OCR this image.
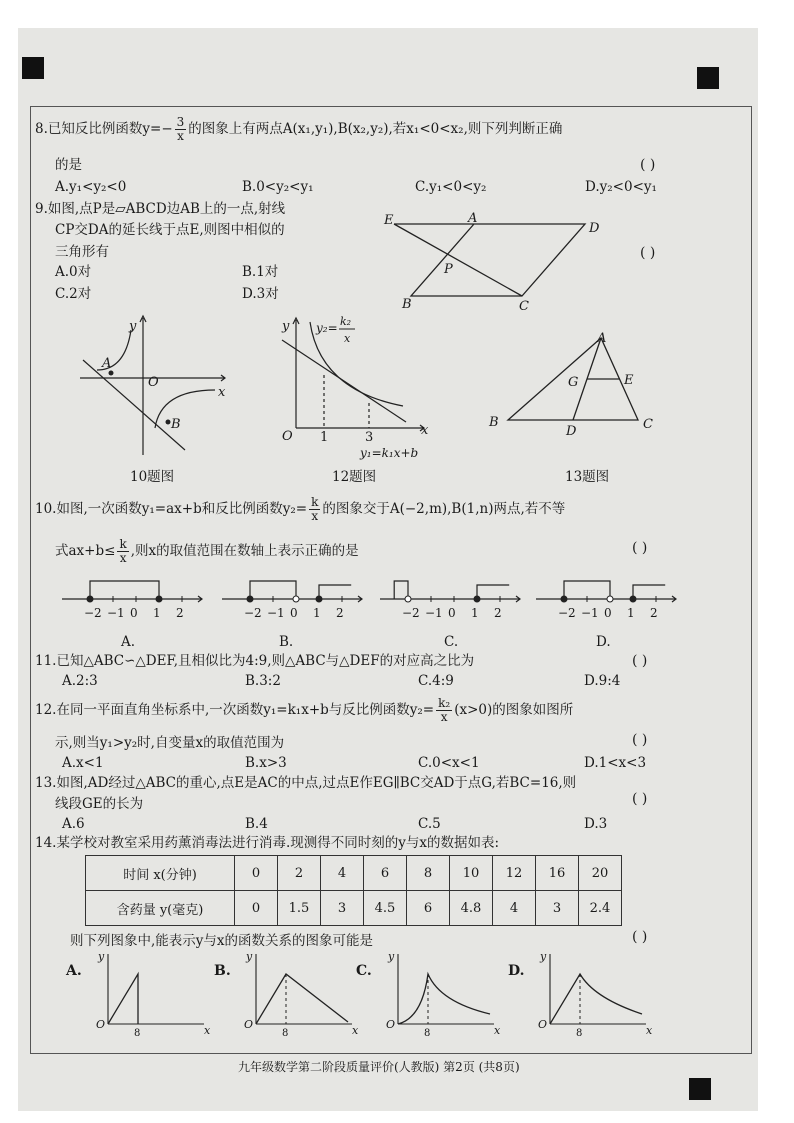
8.已知反比例函数$y=- \frac{3}{x}$ 的图象上有两点A(x₁,y₁),B(x₂,y₂),若x₁<0<x₂,则下列判断正确
的是	( )
A.y₁<y₂<0	B.0<y₂<y₁	C.y₁<0<y₂	D.y₂<0<y₁
9.如图,点P是▱ABCD边AB上的一点,射线
CP交DA的延长线于点E,则图中相似的
三角形有	( )
A.0对	B.1对
C.2对	D.3对
E	A
D
P
B	C
A
B
O
y
x
10题图
y
x
O 1	3
y₂= k₂
x
y₁=k₁x+b
12题图
A
B	C
D
E
G
13题图
10.如图,一次函数y₁=ax+b和反比例函数$y_2= \frac{k}{x}$ 的图象交于A(−2,m),B(1,n)两点,若不等
式$ax+b\le \frac{k}{x}$ ,则x的取值范围在数轴上表示正确的是	( )
−2 −1 0 1 2	−2 −1 0 1 2	−2 −1 0 1 2	−2 −1 0 1 2
A.	B.	C.	D.
11.已知△ABC∽△DEF,且相似比为4:9,则△ABC与△DEF的对应高之比为	( )
A.2:3	B.3:2	C.4:9	D.9:4
12.在同一平面直角坐标系中,一次函数y₁=k₁x+b与反比例函数$y_2= \frac{\text{k₂}}{x} (x>0)$的图象如图所
示,则当y₁>y₂时,自变量x的取值范围为	( )
A.x<1	B.x>3	C.0<x<1	D.1<x<3
13.如图,AD经过△ABC的重心,点E是AC的中点,过点E作EG∥BC交AD于点G,若BC=16,则
线段GE的长为	( )
A.6	B.4	C.5	D.3
14.某学校对教室采用药薰消毒法进行消毒.现测得不同时刻的y与x的数据如表:
时间 x(分钟)	0	2	4	6	8	10	12	16	20
含药量 y(毫克)	0	1.5	3	4.5	6	4.8	4	3	2.4
则下列图象中,能表示y与x的函数关系的图象可能是	( )
A.
y
x
O
8
B.
y
x
O
8
C.
y
x
O
8
D.
y
x
O
8
九年级数学第二阶段质量评价(人教版) 第2页 (共8页)
